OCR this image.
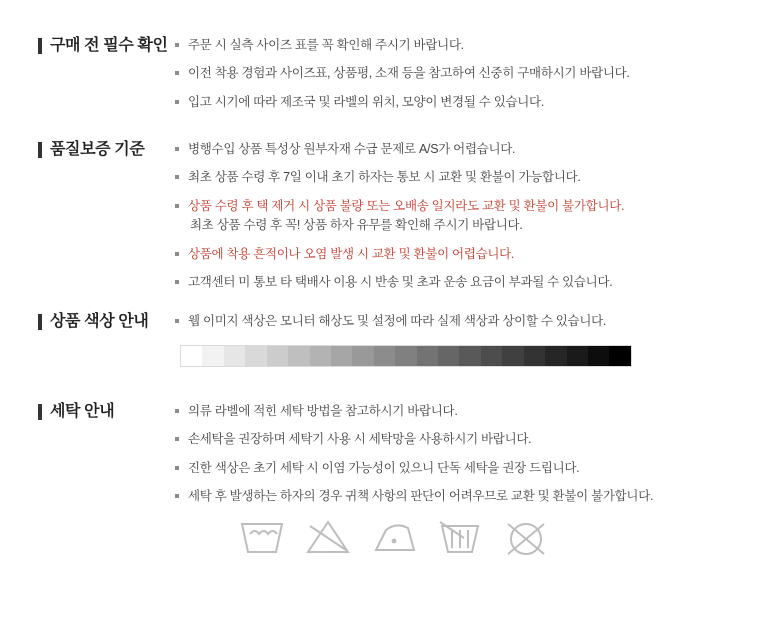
구매 전 필수 확인	주문 시 실측 사이즈 표를 꼭 확인해 주시기 바랍니다.
이전 착용 경험과 사이즈표, 상품평, 소재 등을 참고하여 신중히 구매하시기 바랍니다.
입고 시기에 따라 제조국 및 라벨의 위치, 모양이 변경될 수 있습니다.
품질보증 기준	병행수입 상품 특성상 원부자재 수급 문제로 A/S가 어렵습니다.
최초 상품 수령 후 7일 이내 초기 하자는 통보 시 교환 및 환불이 가능합니다.
상품 수령 후 택 제거 시 상품 불량 또는 오배송 일지라도 교환 및 환불이 불가합니다.
최초 상품 수령 후 꼭! 상품 하자 유무를 확인해 주시기 바랍니다.
상품에 착용 흔적이나 오염 발생 시 교환 및 환불이 어렵습니다.
고객센터 미 통보 타 택배사 이용 시 반송 및 초과 운송 요금이 부과될 수 있습니다.
상품 색상 안내	웹 이미지 색상은 모니터 해상도 및 설정에 따라 실제 색상과 상이할 수 있습니다.
세탁 안내	의류 라벨에 적힌 세탁 방법을 참고하시기 바랍니다.
손세탁을 권장하며 세탁기 사용 시 세탁망을 사용하시기 바랍니다.
진한 색상은 초기 세탁 시 이염 가능성이 있으니 단독 세탁을 권장 드립니다.
세탁 후 발생하는 하자의 경우 귀책 사항의 판단이 어려우므로 교환 및 환불이 불가합니다.
